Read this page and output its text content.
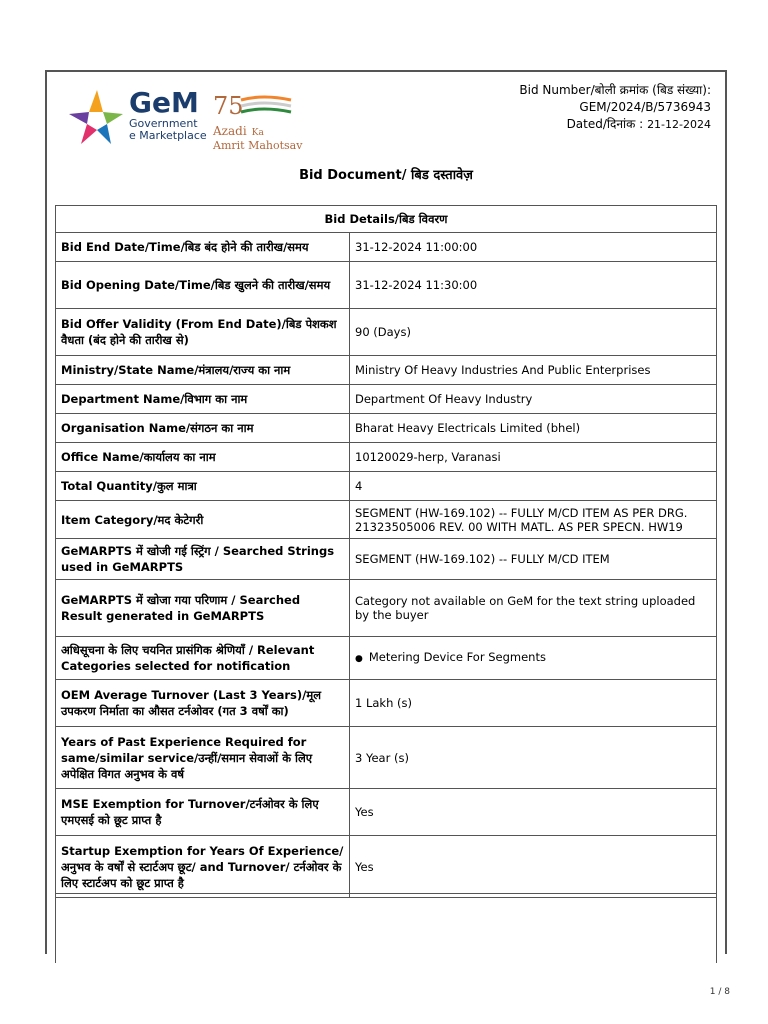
GeM
Government
e Marketplace
75
Azadi Ka
Amrit Mahotsav
Bid Number/बोली क्रमांक (बिड संख्या):
GEM/2024/B/5736943
Dated/दिनांक : 21-12-2024
Bid Document/ बिड दस्तावेज़
Bid Details/बिड विवरण	
Bid End Date/Time/बिड बंद होने की तारीख/समय	31-12-2024 11:00:00
Bid Opening Date/Time/बिड खुलने की तारीख/समय	31-12-2024 11:30:00
Bid Offer Validity (From End Date)/बिड पेशकश वैधता (बंद होने की तारीख से)	90 (Days)
Ministry/State Name/मंत्रालय/राज्य का नाम	Ministry Of Heavy Industries And Public Enterprises
Department Name/विभाग का नाम	Department Of Heavy Industry
Organisation Name/संगठन का नाम	Bharat Heavy Electricals Limited (bhel)
Office Name/कार्यालय का नाम	10120029-herp, Varanasi
Total Quantity/कुल मात्रा	4
Item Category/मद केटेगरी	SEGMENT (HW-169.102) -- FULLY M/CD ITEM AS PER DRG. 21323505006 REV. 00 WITH MATL. AS PER SPECN. HW19
GeMARPTS में खोजी गई स्ट्रिंग / Searched Strings used in GeMARPTS	SEGMENT (HW-169.102) -- FULLY M/CD ITEM
GeMARPTS में खोजा गया परिणाम / Searched Result generated in GeMARPTS	Category not available on GeM for the text string uploaded by the buyer
अधिसूचना के लिए चयनित प्रासंगिक श्रेणियाँ / Relevant Categories selected for notification	● Metering Device For Segments
OEM Average Turnover (Last 3 Years)/मूल उपकरण निर्माता का औसत टर्नओवर (गत 3 वर्षों का)	1 Lakh (s)
Years of Past Experience Required for same/similar service/उन्हीं/समान सेवाओं के लिए अपेक्षित विगत अनुभव के वर्ष	3 Year (s)
MSE Exemption for Turnover/टर्नओवर के लिए एमएसई को छूट प्राप्त है	Yes
Startup Exemption for Years Of Experience/अनुभव के वर्षों से स्टार्टअप छूट/ and Turnover/ टर्नओवर के लिए स्टार्टअप को छूट प्राप्त है	Yes
1 / 8
